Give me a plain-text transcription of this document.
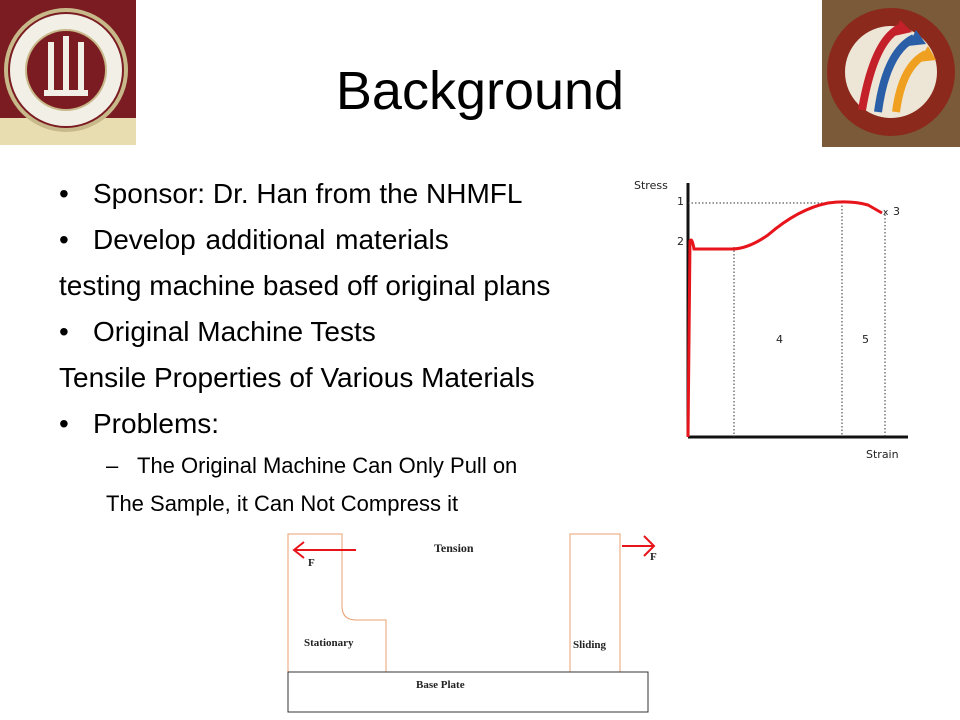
Background
• Sponsor: Dr. Han from the NHMFL
• Develop additional materials
testing machine based off original plans
• Original Machine Tests
Tensile Properties of Various Materials
• Problems:
– The Original Machine Can Only Pull on
The Sample, it Can Not Compress it
Stress
Strain
x
1
2
3
4	5
Tension
F	F
Stationary	Sliding
Base Plate
